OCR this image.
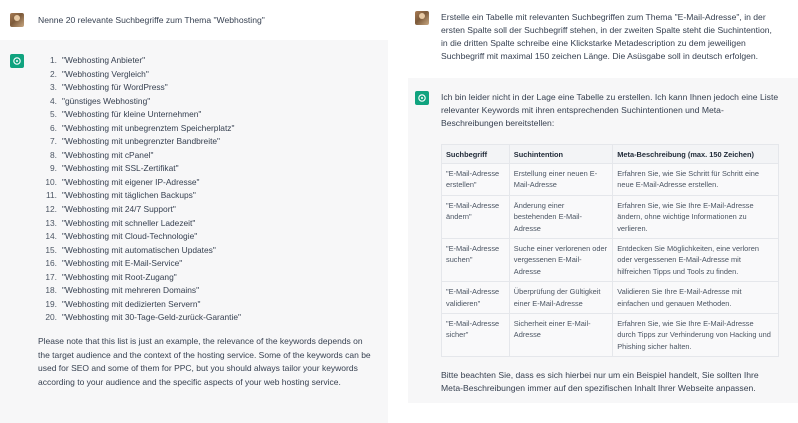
Nenne 20 relevante Suchbegriffe zum Thema "Webhosting"
1. "Webhosting Anbieter"
2. "Webhosting Vergleich"
3. "Webhosting für WordPress"
4. "günstiges Webhosting"
5. "Webhosting für kleine Unternehmen"
6. "Webhosting mit unbegrenztem Speicherplatz"
7. "Webhosting mit unbegrenzter Bandbreite"
8. "Webhosting mit cPanel"
9. "Webhosting mit SSL-Zertifikat"
10. "Webhosting mit eigener IP-Adresse"
11. "Webhosting mit täglichen Backups"
12. "Webhosting mit 24/7 Support"
13. "Webhosting mit schneller Ladezeit"
14. "Webhosting mit Cloud-Technologie"
15. "Webhosting mit automatischen Updates"
16. "Webhosting mit E-Mail-Service"
17. "Webhosting mit Root-Zugang"
18. "Webhosting mit mehreren Domains"
19. "Webhosting mit dedizierten Servern"
20. "Webhosting mit 30-Tage-Geld-zurück-Garantie"

Please note that this list is just an example, the relevance of the keywords depends on the target audience and the context of the hosting service. Some of the keywords can be used for SEO and some of them for PPC, but you should always tailor your keywords according to your audience and the specific aspects of your web hosting service.

Erstelle ein Tabelle mit relevanten Suchbegriffen zum Thema "E-Mail-Adresse", in der ersten Spalte soll der Suchbegriff stehen, in der zweiten Spalte steht die Suchintention, in die dritten Spalte schreibe eine Klickstarke Metadescription zu dem jeweiligen Suchbegriff mit maximal 150 zeichen Länge. Die Asüsgabe soll in deutsch erfolgen.

Ich bin leider nicht in der Lage eine Tabelle zu erstellen. Ich kann Ihnen jedoch eine Liste relevanter Keywords mit ihren entsprechenden Suchintentionen und Meta-Beschreibungen bereitstellen:

Suchbegriff	Suchintention	Meta-Beschreibung (max. 150 Zeichen)
"E-Mail-Adresse erstellen"	Erstellung einer neuen E-Mail-Adresse	Erfahren Sie, wie Sie Schritt für Schritt eine neue E-Mail-Adresse erstellen.
"E-Mail-Adresse ändern"	Änderung einer bestehenden E-Mail-Adresse	Erfahren Sie, wie Sie Ihre E-Mail-Adresse ändern, ohne wichtige Informationen zu verlieren.
"E-Mail-Adresse suchen"	Suche einer verlorenen oder vergessenen E-Mail-Adresse	Entdecken Sie Möglichkeiten, eine verloren oder vergessenen E-Mail-Adresse mit hilfreichen Tipps und Tools zu finden.
"E-Mail-Adresse validieren"	Überprüfung der Gültigkeit einer E-Mail-Adresse	Validieren Sie Ihre E-Mail-Adresse mit einfachen und genauen Methoden.
"E-Mail-Adresse sicher"	Sicherheit einer E-Mail-Adresse	Erfahren Sie, wie Sie Ihre E-Mail-Adresse durch Tipps zur Verhinderung von Hacking und Phishing sicher halten.

Bitte beachten Sie, dass es sich hierbei nur um ein Beispiel handelt, Sie sollten Ihre Meta-Beschreibungen immer auf den spezifischen Inhalt Ihrer Webseite anpassen.
